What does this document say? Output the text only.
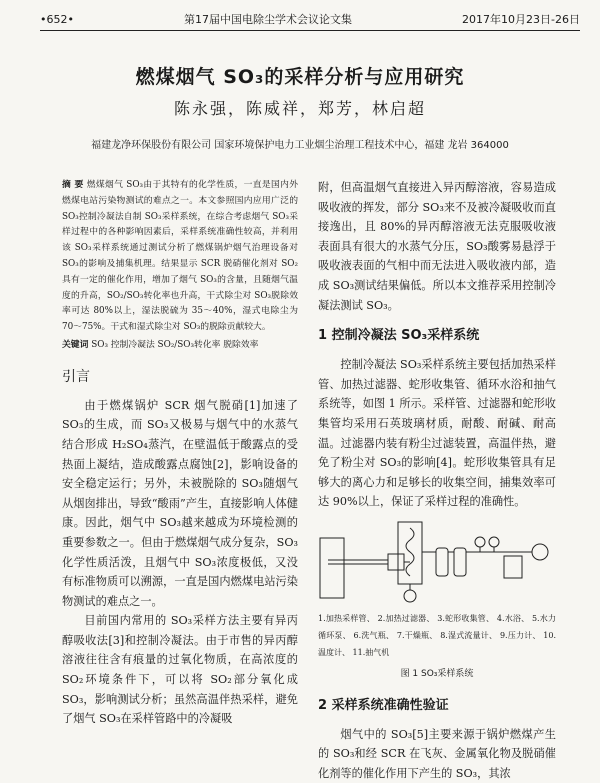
•652•	第17届中国电除尘学术会议论文集	2017年10月23日-26日
燃煤烟气 SO₃的采样分析与应用研究
陈永强，陈威祥，郑芳，林启超
福建龙净环保股份有限公司 国家环境保护电力工业烟尘治理工程技术中心，福建 龙岩 364000
摘 要 燃煤烟气 SO₃由于其特有的化学性质，一直是国内外燃煤电站污染物测试的难点之一。本文参照国内应用广泛的 SO₃控制冷凝法自制 SO₃采样系统，在综合考虑烟气 SO₃采样过程中的各种影响因素后，采样系统准确性较高，并利用该 SO₃采样系统通过测试分析了燃煤锅炉烟气治理设备对 SO₃的影响及捕集机理。结果显示 SCR 脱硝催化剂对 SO₂具有一定的催化作用，增加了烟气 SO₃的含量，且随烟气温度的升高，SO₂/SO₃转化率也升高，干式除尘对 SO₃脱除效率可达 80%以上，湿法脱硫为 35～40%，湿式电除尘为 70～75%。干式和湿式除尘对 SO₃的脱除贡献较大。
关键词 SO₃ 控制冷凝法 SO₂/SO₃转化率 脱除效率
引言

由于燃煤锅炉 SCR 烟气脱硝[1]加速了 SO₃的生成，而 SO₃又极易与烟气中的水蒸气结合形成 H₂SO₄蒸汽，在壁温低于酸露点的受热面上凝结，造成酸露点腐蚀[2]，影响设备的安全稳定运行；另外，未被脱除的 SO₃随烟气从烟囱排出，导致“酸雨”产生，直接影响人体健康。因此，烟气中 SO₃越来越成为环境检测的重要参数之一。但由于燃煤烟气成分复杂，SO₃化学性质活泼，且烟气中 SO₃浓度极低，又没有标准物质可以溯源，一直是国内燃煤电站污染物测试的难点之一。

目前国内常用的 SO₃采样方法主要有异丙醇吸收法[3]和控制冷凝法。由于市售的异丙醇溶液往往含有痕量的过氧化物质，在高浓度的 SO₂环境条件下，可以将 SO₂部分氧化成 SO₃，影响测试分析；虽然高温伴热采样，避免了烟气 SO₃在采样管路中的冷凝吸

附，但高温烟气直接进入异丙醇溶液，容易造成吸收液的挥发，部分 SO₃来不及被冷凝吸收而直接逸出，且 80%的异丙醇溶液无法克服吸收液表面具有很大的水蒸气分压，SO₃酸雾易悬浮于吸收液表面的气相中而无法进入吸收液内部，造成 SO₃测试结果偏低。所以本文推荐采用控制冷凝法测试 SO₃。

1 控制冷凝法 SO₃采样系统

控制冷凝法 SO₃采样系统主要包括加热采样管、加热过滤器、蛇形收集管、循环水浴和抽气系统等，如图 1 所示。采样管、过滤器和蛇形收集管均采用石英玻璃材质，耐酸、耐碱、耐高温。过滤器内装有粉尘过滤装置，高温伴热，避免了粉尘对 SO₃的影响[4]。蛇形收集管具有足够大的离心力和足够长的收集空间，捕集效率可达 90%以上，保证了采样过程的准确性。

1.加热采样管、 2.加热过滤器、 3.蛇形收集管、 4.水浴、 5.水力循环泵、 6.洗气瓶、 7.干燥瓶、 8.湿式流量计、 9.压力计、 10.温度计、 11.抽气机
图 1 SO₃采样系统
2 采样系统准确性验证

烟气中的 SO₃[5]主要来源于锅炉燃煤产生的 SO₃和经 SCR 在飞灰、金属氧化物及脱硝催化剂等的催化作用下产生的 SO₃，其浓
